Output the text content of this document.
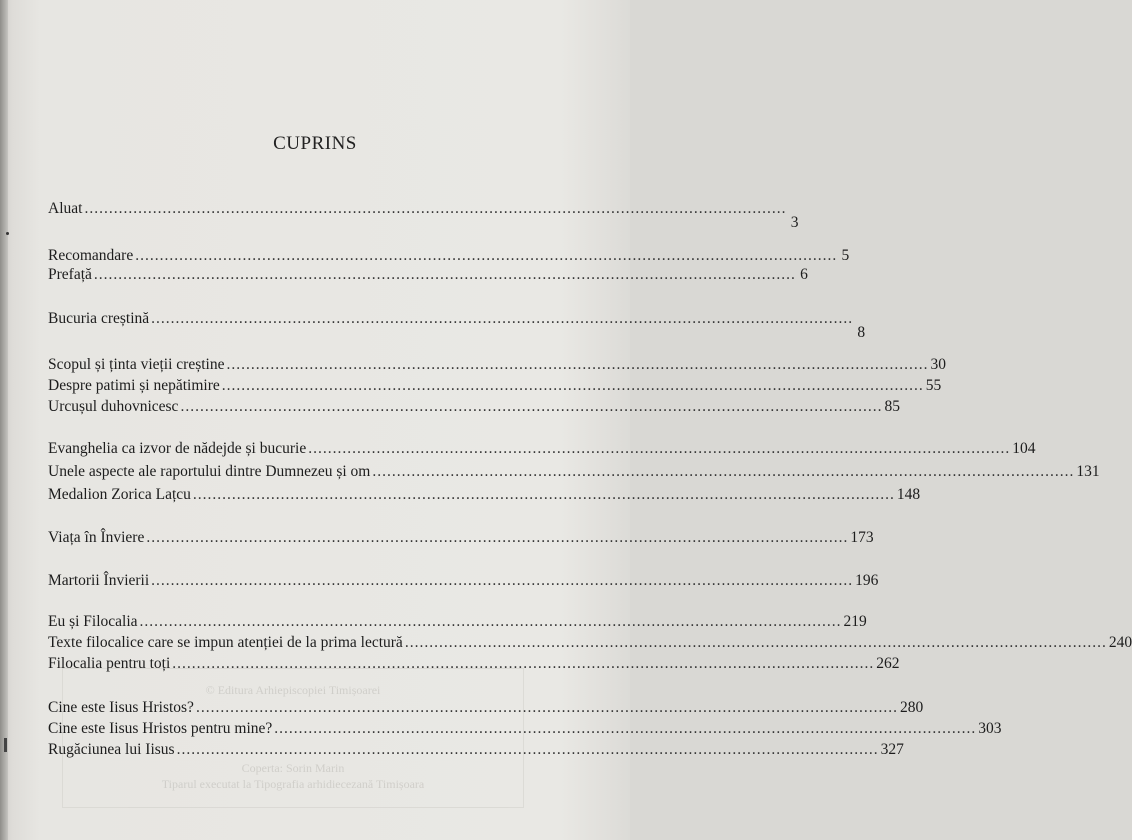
© Editura Arhiepiscopiei Timișoarei
Coperta: Sorin Marin
Tiparul executat la Tipografia arhidiecezană Timișoara
CUPRINS
Aluat ................................................................................................................................................
3
Recomandare ................................................................................................................................................ 5
Prefață ................................................................................................................................................ 6
Bucuria creștină ................................................................................................................................................
8
Scopul și ținta vieții creștine ................................................................................................................................................ 30
Despre patimi și nepătimire ................................................................................................................................................ 55
Urcușul duhovnicesc ................................................................................................................................................ 85
Evanghelia ca izvor de nădejde și bucurie ................................................................................................................................................ 104
Unele aspecte ale raportului dintre Dumnezeu și om ................................................................................................................................................ 131
Medalion Zorica Lațcu ................................................................................................................................................ 148
Viața în Înviere ................................................................................................................................................ 173
Martorii Învierii ................................................................................................................................................ 196
Eu și Filocalia ................................................................................................................................................ 219
Texte filocalice care se impun atenției de la prima lectură ................................................................................................................................................ 240
Filocalia pentru toți ................................................................................................................................................ 262
Cine este Iisus Hristos? ................................................................................................................................................ 280
Cine este Iisus Hristos pentru mine? ................................................................................................................................................ 303
Rugăciunea lui Iisus ................................................................................................................................................ 327
